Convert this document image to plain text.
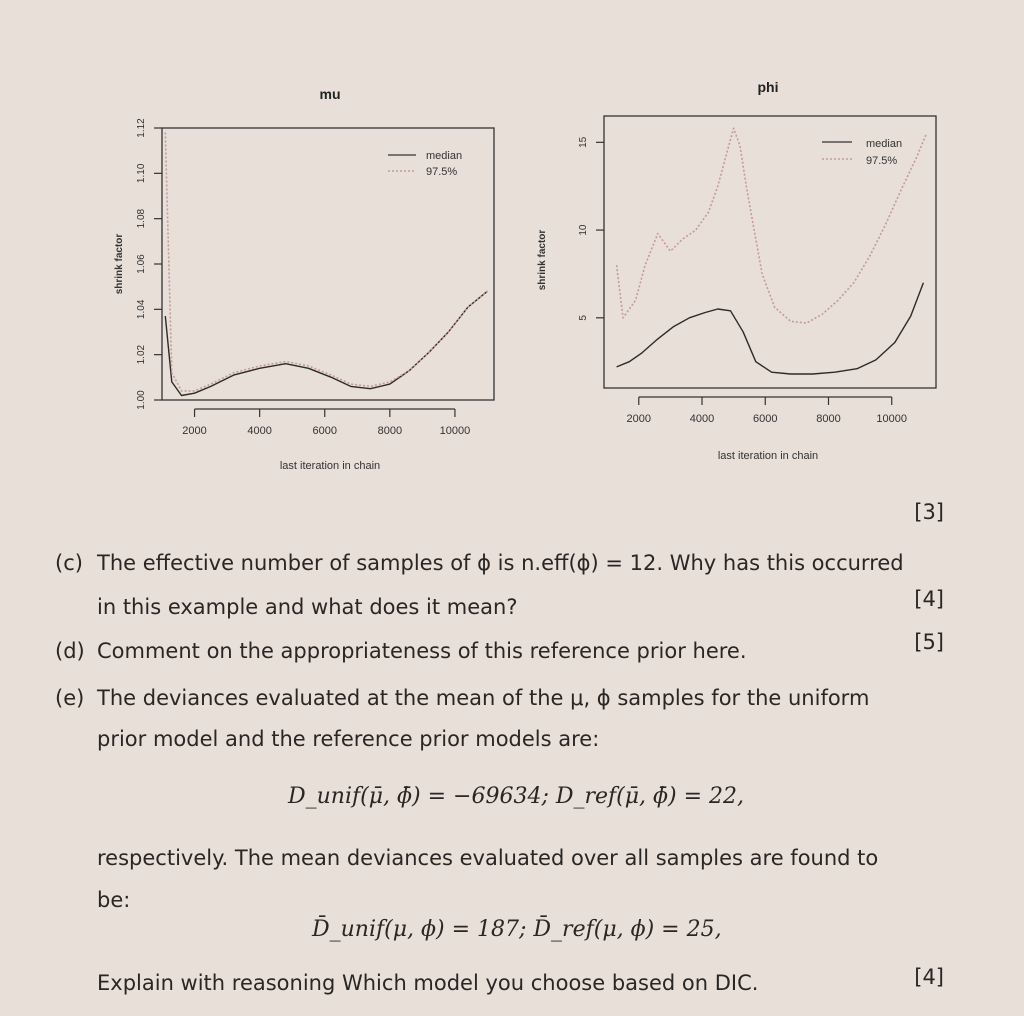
mu
1.00
1.02
1.04
1.06
1.08
1.10
1.12
2000	4000	6000	8000	10000
shrink factor
last iteration in chain
median
97.5%
phi
5
10
15
2000	4000	6000	8000	10000
shrink factor
last iteration in chain
median
97.5%
[3]
(c) The effective number of samples of ϕ is n.eff(ϕ) = 12. Why has this occurred
in this example and what does it mean?	[4]
(d) Comment on the appropriateness of this reference prior here.	[5]
(e) The deviances evaluated at the mean of the μ, ϕ samples for the uniform
prior model and the reference prior models are:
D_unif(μ̄, ϕ̄) = −69634; D_ref(μ̄, ϕ̄) = 22,
respectively. The mean deviances evaluated over all samples are found to
be:
D̄_unif(μ, ϕ) = 187; D̄_ref(μ, ϕ) = 25,
Explain with reasoning Which model you choose based on DIC.	[4]
